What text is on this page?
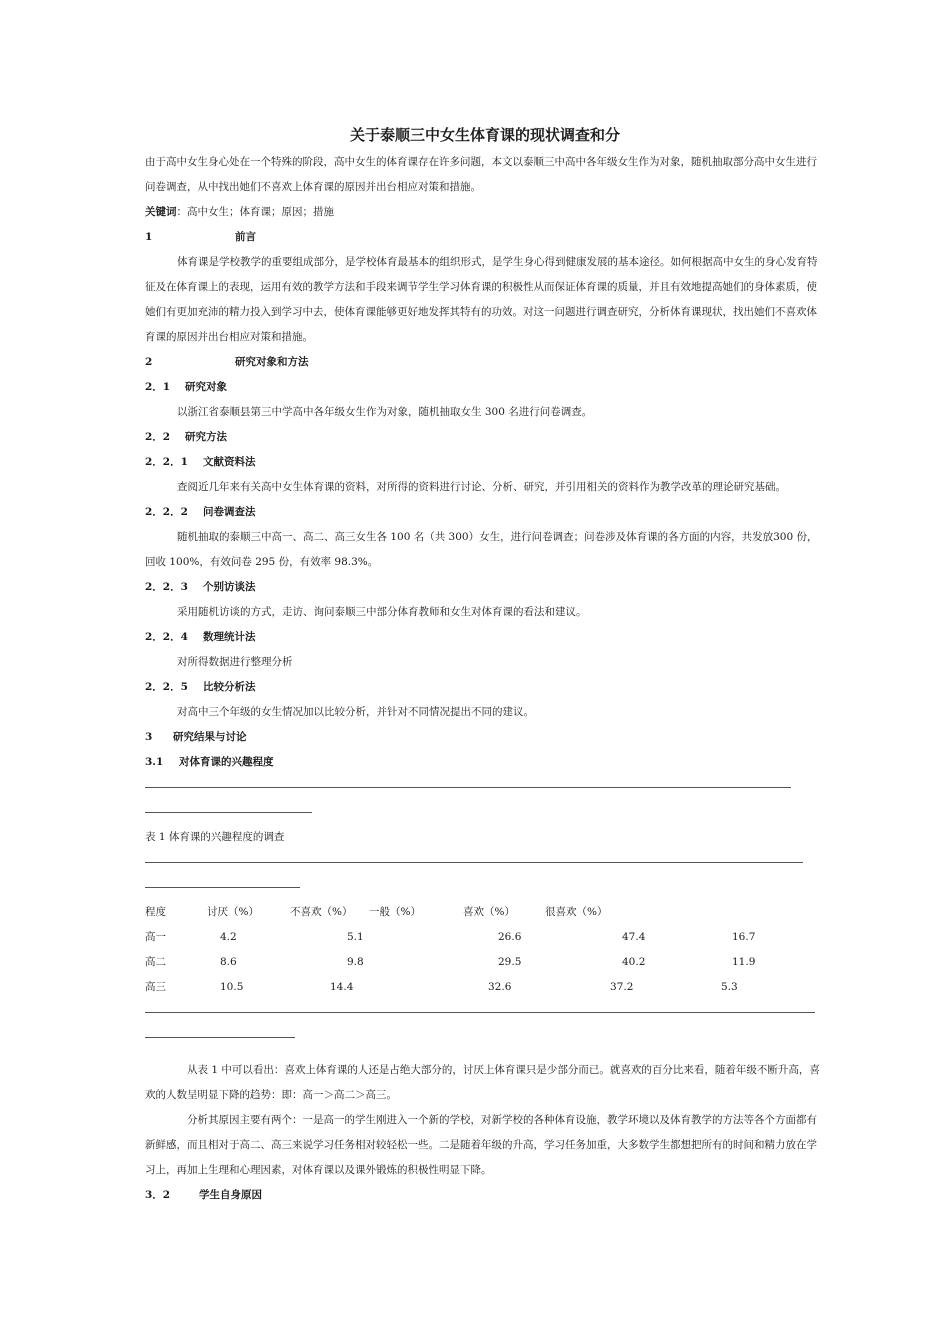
关于泰顺三中女生体育课的现状调查和分

由于高中女生身心处在一个特殊的阶段，高中女生的体育课存在许多问题，本文以泰顺三中高中各年级女生作为对象，随机抽取部分高中女生进行问卷调查，从中找出她们不喜欢上体育课的原因并出台相应对策和措施。

关键词：高中女生；体育课；原因；措施

1	前言

体育课是学校教学的重要组成部分，是学校体育最基本的组织形式，是学生身心得到健康发展的基本途径。如何根据高中女生的身心发育特征及在体育课上的表现，运用有效的教学方法和手段来调节学生学习体育课的积极性从而保证体育课的质量，并且有效地提高她们的身体素质，使她们有更加充沛的精力投入到学习中去，使体育课能够更好地发挥其特有的功效。对这一问题进行调查研究，分析体育课现状，找出她们不喜欢体育课的原因并出台相应对策和措施。

2	研究对象和方法

2．1 研究对象

以浙江省泰顺县第三中学高中各年级女生作为对象，随机抽取女生 300 名进行问卷调查。

2．2 研究方法

2．2．1 文献资料法

查阅近几年来有关高中女生体育课的资料，对所得的资料进行讨论、分析、研究，并引用相关的资料作为教学改革的理论研究基础。

2．2．2 问卷调查法

随机抽取的泰顺三中高一、高二、高三女生各 100 名（共 300）女生，进行问卷调查；问卷涉及体育课的各方面的内容，共发放300 份，回收 100%，有效问卷 295 份，有效率 98.3%。

2．2．3 个别访谈法

采用随机访谈的方式，走访、询问泰顺三中部分体育教师和女生对体育课的看法和建议。

2．2．4 数理统计法

对所得数据进行整理分析

2．2．5 比较分析法

对高中三个年级的女生情况加以比较分析，并针对不同情况提出不同的建议。

3 研究结果与讨论

3.1 对体育课的兴趣程度

表 1 体育课的兴趣程度的调查

程度	讨厌（%）	不喜欢（%） 一般（%）	喜欢（%）	很喜欢（%）
高一	4.2	5.1	26.6	47.4	16.7
高二	8.6	9.8	29.5	40.2	11.9
高三	10.5	14.4	32.6	37.2	5.3

从表 1 中可以看出：喜欢上体育课的人还是占绝大部分的，讨厌上体育课只是少部分而已。就喜欢的百分比来看，随着年级不断升高，喜欢的人数呈明显下降的趋势：即：高一＞高二＞高三。

分析其原因主要有两个：一是高一的学生刚进入一个新的学校，对新学校的各种体育设施，教学环境以及体育教学的方法等各个方面都有新鲜感，而且相对于高二、高三来说学习任务相对较轻松一些。二是随着年级的升高，学习任务加重，大多数学生都想把所有的时间和精力放在学习上，再加上生理和心理因素，对体育课以及课外锻炼的积极性明显下降。

3．2	学生自身原因
